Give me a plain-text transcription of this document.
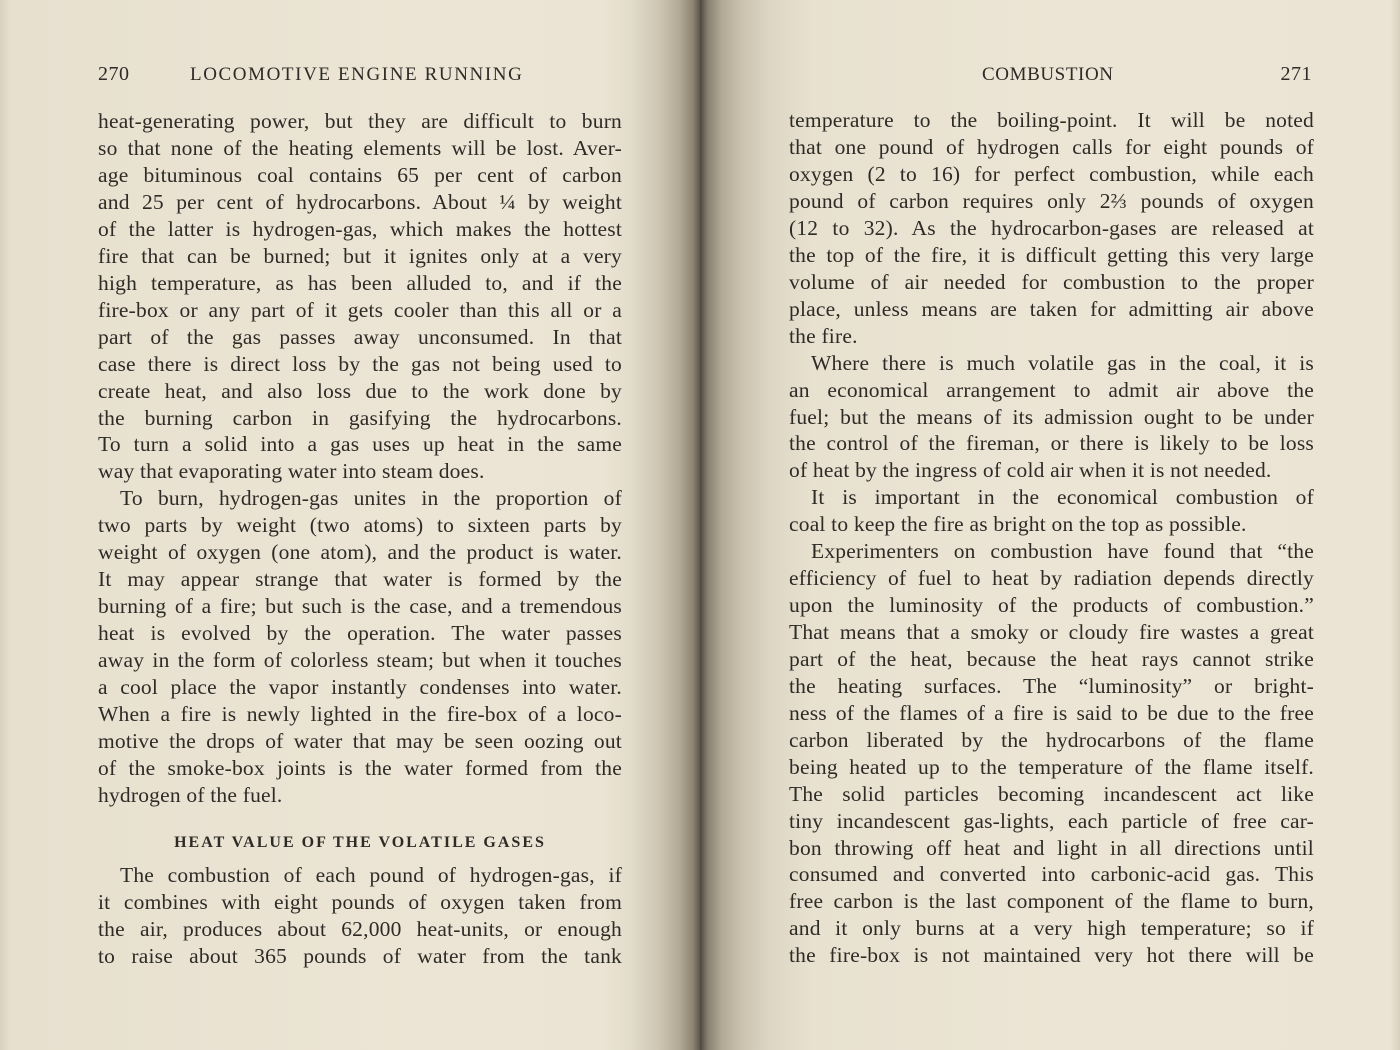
270	LOCOMOTIVE ENGINE RUNNING
heat-generating power, but they are difficult to burn
so that none of the heating elements will be lost. Aver-
age bituminous coal contains 65 per cent of carbon
and 25 per cent of hydrocarbons. About ¼ by weight
of the latter is hydrogen-gas, which makes the hottest
fire that can be burned; but it ignites only at a very
high temperature, as has been alluded to, and if the
fire-box or any part of it gets cooler than this all or a
part of the gas passes away unconsumed. In that
case there is direct loss by the gas not being used to
create heat, and also loss due to the work done by
the burning carbon in gasifying the hydrocarbons.
To turn a solid into a gas uses up heat in the same
way that evaporating water into steam does.
To burn, hydrogen-gas unites in the proportion of
two parts by weight (two atoms) to sixteen parts by
weight of oxygen (one atom), and the product is water.
It may appear strange that water is formed by the
burning of a fire; but such is the case, and a tremendous
heat is evolved by the operation. The water passes
away in the form of colorless steam; but when it touches
a cool place the vapor instantly condenses into water.
When a fire is newly lighted in the fire-box of a loco-
motive the drops of water that may be seen oozing out
of the smoke-box joints is the water formed from the
hydrogen of the fuel.
HEAT VALUE OF THE VOLATILE GASES
The combustion of each pound of hydrogen-gas, if
it combines with eight pounds of oxygen taken from
the air, produces about 62,000 heat-units, or enough
to raise about 365 pounds of water from the tank
COMBUSTION	271
temperature to the boiling-point. It will be noted
that one pound of hydrogen calls for eight pounds of
oxygen (2 to 16) for perfect combustion, while each
pound of carbon requires only 2⅔ pounds of oxygen
(12 to 32). As the hydrocarbon-gases are released at
the top of the fire, it is difficult getting this very large
volume of air needed for combustion to the proper
place, unless means are taken for admitting air above
the fire.
Where there is much volatile gas in the coal, it is
an economical arrangement to admit air above the
fuel; but the means of its admission ought to be under
the control of the fireman, or there is likely to be loss
of heat by the ingress of cold air when it is not needed.
It is important in the economical combustion of
coal to keep the fire as bright on the top as possible.
Experimenters on combustion have found that “the
efficiency of fuel to heat by radiation depends directly
upon the luminosity of the products of combustion.”
That means that a smoky or cloudy fire wastes a great
part of the heat, because the heat rays cannot strike
the heating surfaces. The “luminosity” or bright-
ness of the flames of a fire is said to be due to the free
carbon liberated by the hydrocarbons of the flame
being heated up to the temperature of the flame itself.
The solid particles becoming incandescent act like
tiny incandescent gas-lights, each particle of free car-
bon throwing off heat and light in all directions until
consumed and converted into carbonic-acid gas. This
free carbon is the last component of the flame to burn,
and it only burns at a very high temperature; so if
the fire-box is not maintained very hot there will be
